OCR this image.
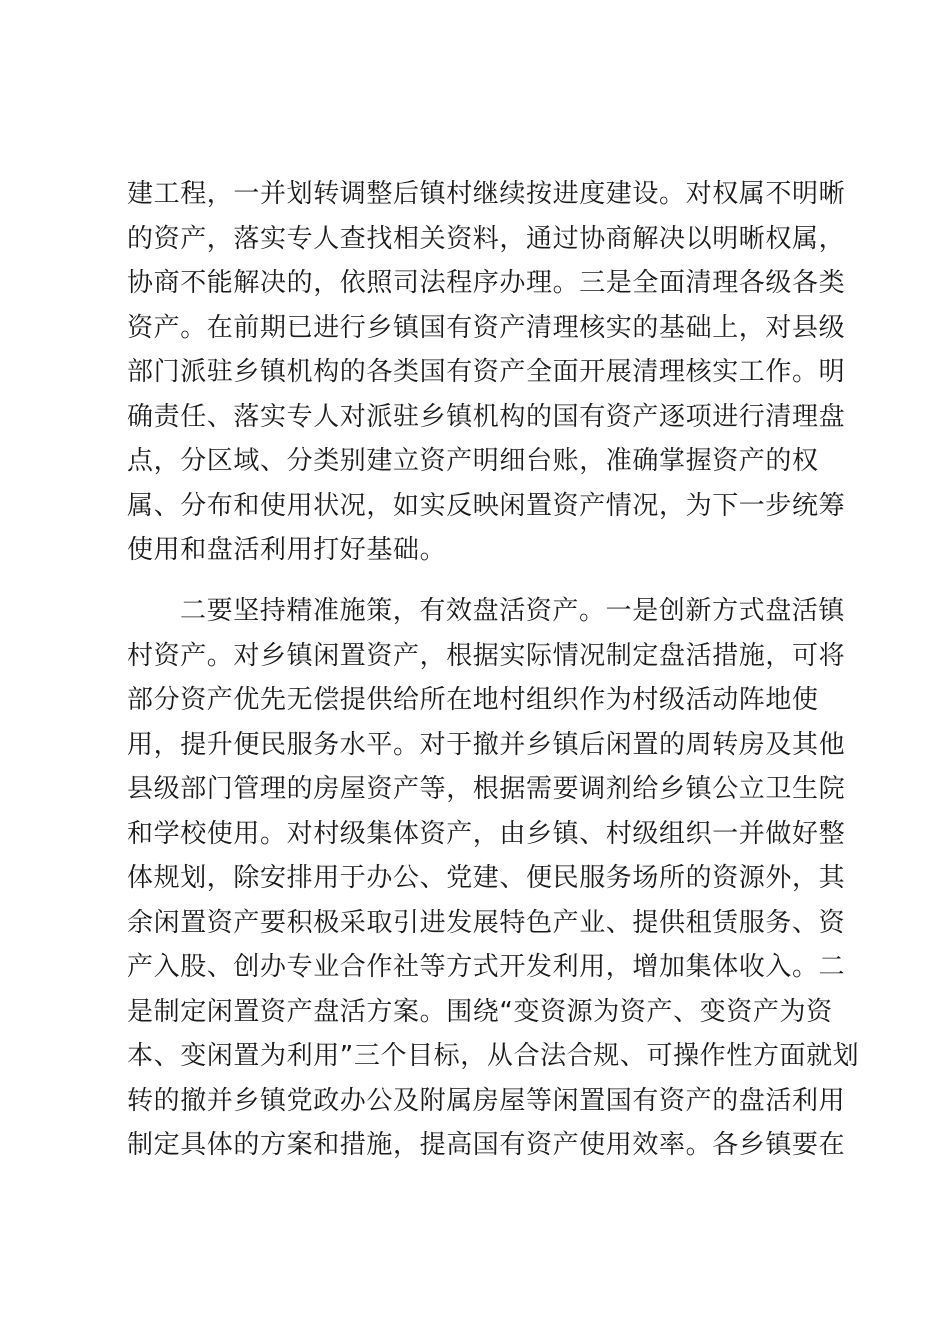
建工程，一并划转调整后镇村继续按进度建设。对权属不明晰
的资产，落实专人查找相关资料，通过协商解决以明晰权属，
协商不能解决的，依照司法程序办理。三是全面清理各级各类
资产。在前期已进行乡镇国有资产清理核实的基础上，对县级
部门派驻乡镇机构的各类国有资产全面开展清理核实工作。明
确责任、落实专人对派驻乡镇机构的国有资产逐项进行清理盘
点，分区域、分类别建立资产明细台账，准确掌握资产的权
属、分布和使用状况，如实反映闲置资产情况，为下一步统筹
使用和盘活利用打好基础。

二要坚持精准施策，有效盘活资产。一是创新方式盘活镇
村资产。对乡镇闲置资产，根据实际情况制定盘活措施，可将
部分资产优先无偿提供给所在地村组织作为村级活动阵地使
用，提升便民服务水平。对于撤并乡镇后闲置的周转房及其他
县级部门管理的房屋资产等，根据需要调剂给乡镇公立卫生院
和学校使用。对村级集体资产，由乡镇、村级组织一并做好整
体规划，除安排用于办公、党建、便民服务场所的资源外，其
余闲置资产要积极采取引进发展特色产业、提供租赁服务、资
产入股、创办专业合作社等方式开发利用，增加集体收入。二
是制定闲置资产盘活方案。围绕“变资源为资产、变资产为资
本、变闲置为利用”三个目标，从合法合规、可操作性方面就划
转的撤并乡镇党政办公及附属房屋等闲置国有资产的盘活利用
制定具体的方案和措施，提高国有资产使用效率。各乡镇要在
